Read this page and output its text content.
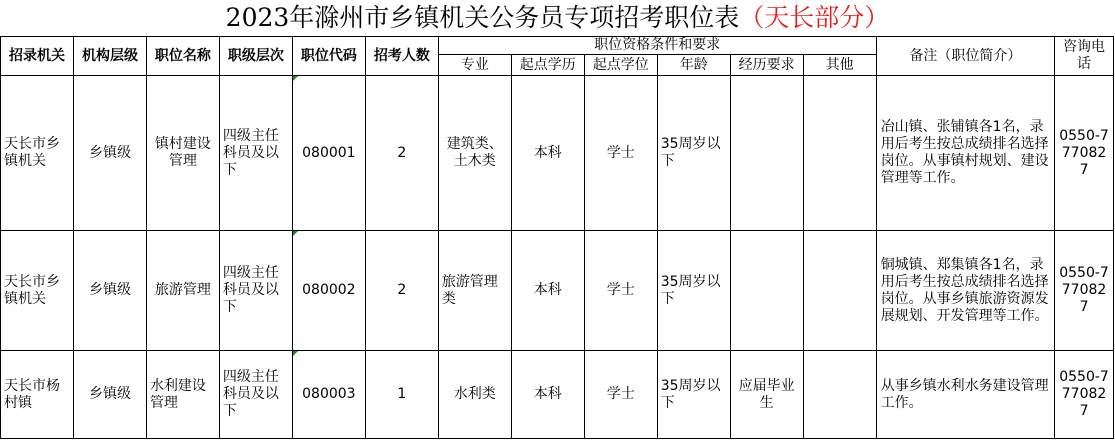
2023年滁州市乡镇机关公务员专项招考职位表（天长部分）
招录机关	机构层级	职位名称	职级层次	职位代码	招考人数	职位资格条件和要求						备注（职位简介）	咨询电话
						专业	起点学历	起点学位	年龄	经历要求	其他		
天长市乡镇机关	乡镇级	镇村建设管理	四级主任科员及以下	080001	2	建筑类、土木类	本科	学士	35周岁以下			冶山镇、张铺镇各1名，录用后考生按总成绩排名选择岗位。从事镇村规划、建设管理等工作。	0550-7770827
天长市乡镇机关	乡镇级	旅游管理	四级主任科员及以下	080002	2	旅游管理类	本科	学士	35周岁以下			铜城镇、郑集镇各1名，录用后考生按总成绩排名选择岗位。从事乡镇旅游资源发展规划、开发管理等工作。	0550-7770827
天长市杨村镇	乡镇级	水利建设管理	四级主任科员及以下	080003	1	水利类	本科	学士	35周岁以下	应届毕业生		从事乡镇水利水务建设管理工作。	0550-7770827
